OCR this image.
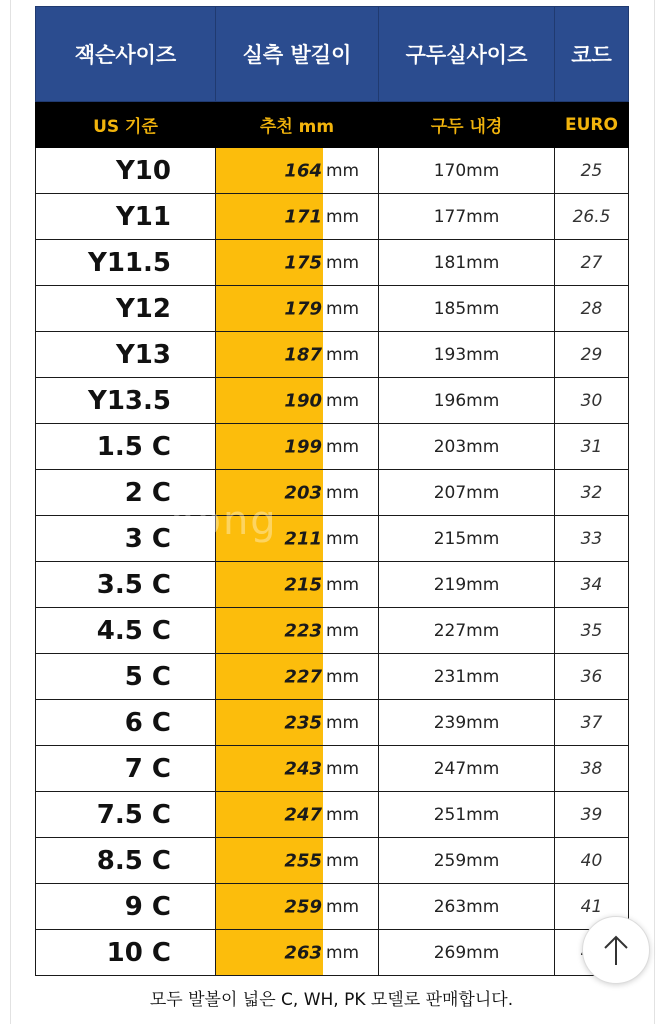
잭슨사이즈	실측 발길이	구두실사이즈	코드
US 기준	추천 mm	구두 내경	EURO
Y10	164 mm	170mm	25
Y11	171 mm	177mm	26.5
Y11.5	175 mm	181mm	27
Y12	179 mm	185mm	28
Y13	187 mm	193mm	29
Y13.5	190 mm	196mm	30
1.5 C	199 mm	203mm	31
2 C	203 mm	207mm	32
3 C	211 mm	215mm	33
3.5 C	215 mm	219mm	34
4.5 C	223 mm	227mm	35
5 C	227 mm	231mm	36
6 C	235 mm	239mm	37
7 C	243 mm	247mm	38
7.5 C	247 mm	251mm	39
8.5 C	255 mm	259mm	40
9 C	259 mm	263mm	41
10 C	263 mm	269mm	
oong
모두 발볼이 넓은 C, WH, PK 모델로 판매합니다.
